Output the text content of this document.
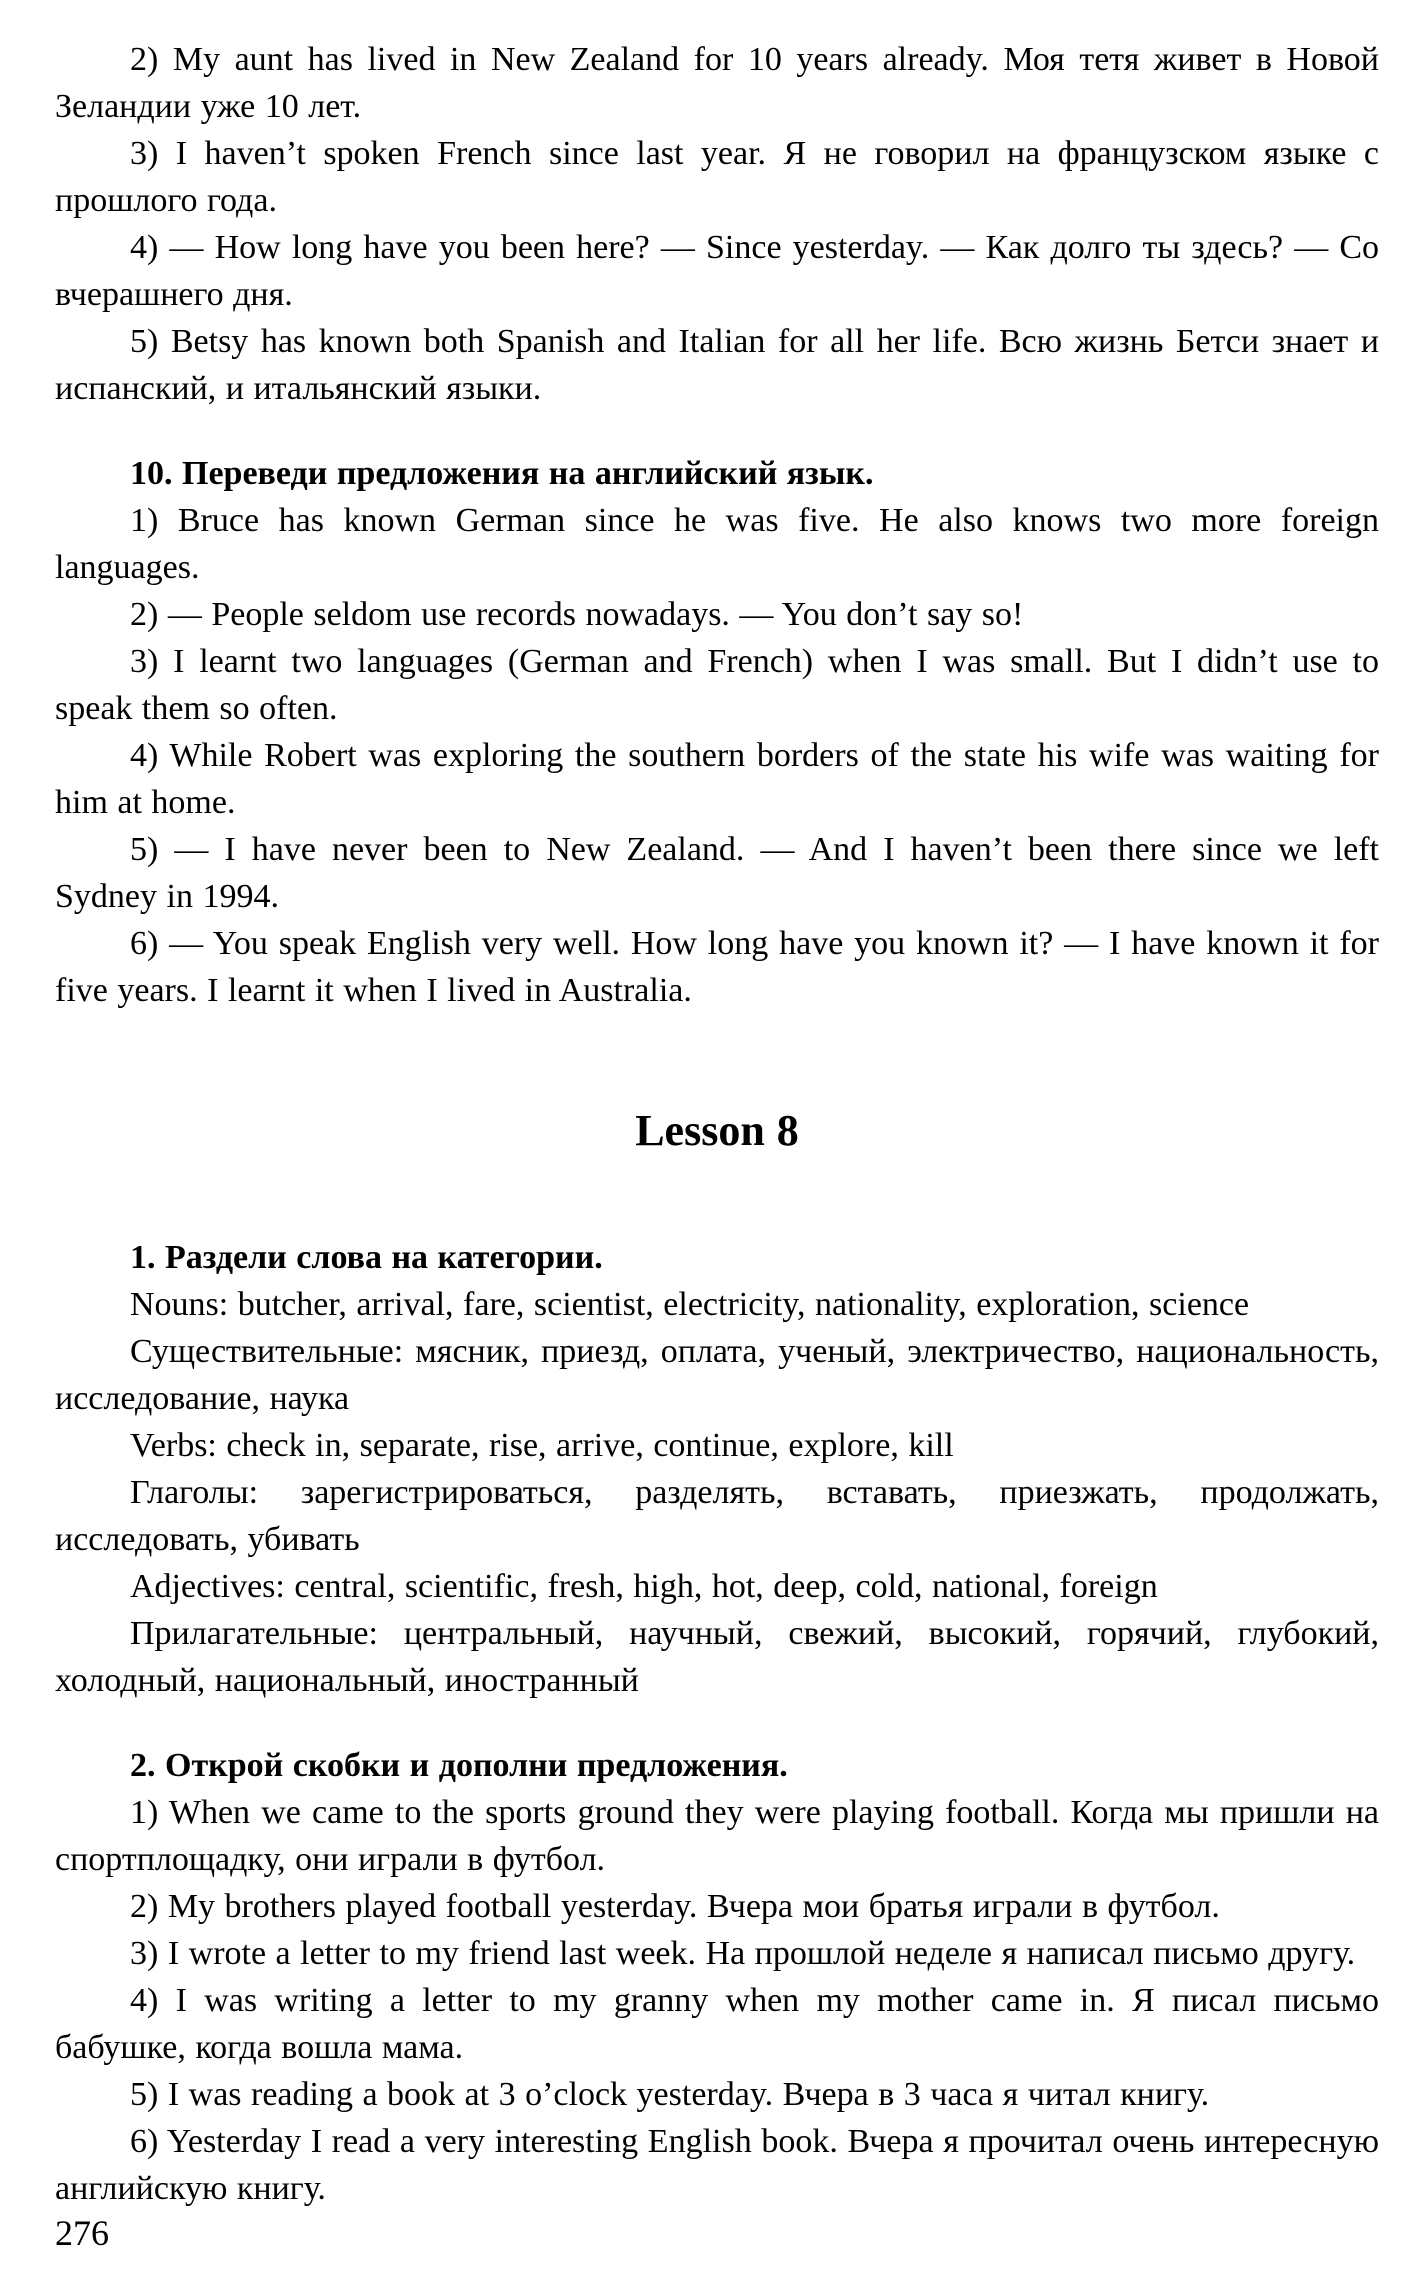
2) My aunt has lived in New Zealand for 10 years already. Моя тетя живет в Новой Зеландии уже 10 лет.

3) I haven’t spoken French since last year. Я не говорил на французском языке с прошлого года.

4) — How long have you been here? — Since yesterday. — Как долго ты здесь? — Со вчерашнего дня.

5) Betsy has known both Spanish and Italian for all her life. Всю жизнь Бетси знает и испанский, и итальянский языки.

10. Переведи предложения на английский язык.

1) Bruce has known German since he was five. He also knows two more foreign languages.

2) — People seldom use records nowadays. — You don’t say so!

3) I learnt two languages (German and French) when I was small. But I didn’t use to speak them so often.

4) While Robert was exploring the southern borders of the state his wife was waiting for him at home.

5) — I have never been to New Zealand. — And I haven’t been there since we left Sydney in 1994.

6) — You speak English very well. How long have you known it? — I have known it for five years. I learnt it when I lived in Australia.

Lesson 8

1. Раздели слова на категории.

Nouns: butcher, arrival, fare, scientist, electricity, nationality, exploration, science

Существительные: мясник, приезд, оплата, ученый, электричество, национальность, исследование, наука

Verbs: check in, separate, rise, arrive, continue, explore, kill

Глаголы: зарегистрироваться, разделять, вставать, приезжать, продолжать, исследовать, убивать

Adjectives: central, scientific, fresh, high, hot, deep, cold, national, foreign

Прилагательные: центральный, научный, свежий, высокий, горячий, глубокий, холодный, национальный, иностранный

2. Открой скобки и дополни предложения.

1) When we came to the sports ground they were playing football. Когда мы пришли на спортплощадку, они играли в футбол.

2) My brothers played football yesterday. Вчера мои братья играли в футбол.

3) I wrote a letter to my friend last week. На прошлой неделе я написал письмо другу.

4) I was writing a letter to my granny when my mother came in. Я писал письмо бабушке, когда вошла мама.

5) I was reading a book at 3 o’clock yesterday. Вчера в 3 часа я читал книгу.

6) Yesterday I read a very interesting English book. Вчера я прочитал очень интересную английскую книгу.

276
